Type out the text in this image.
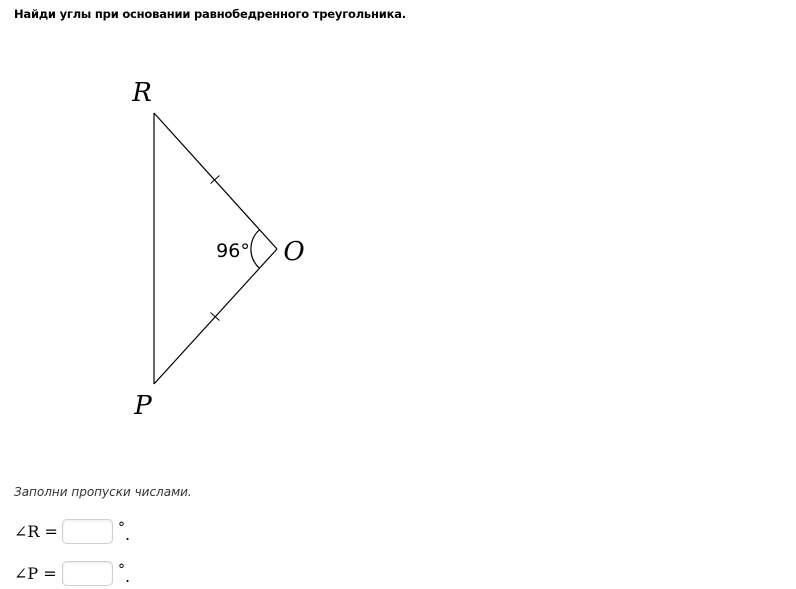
Найди углы при основании равнобедренного треугольника.
R
O
P
96°
Заполни пропуски числами.
∠R =	° .
∠P =	° .
